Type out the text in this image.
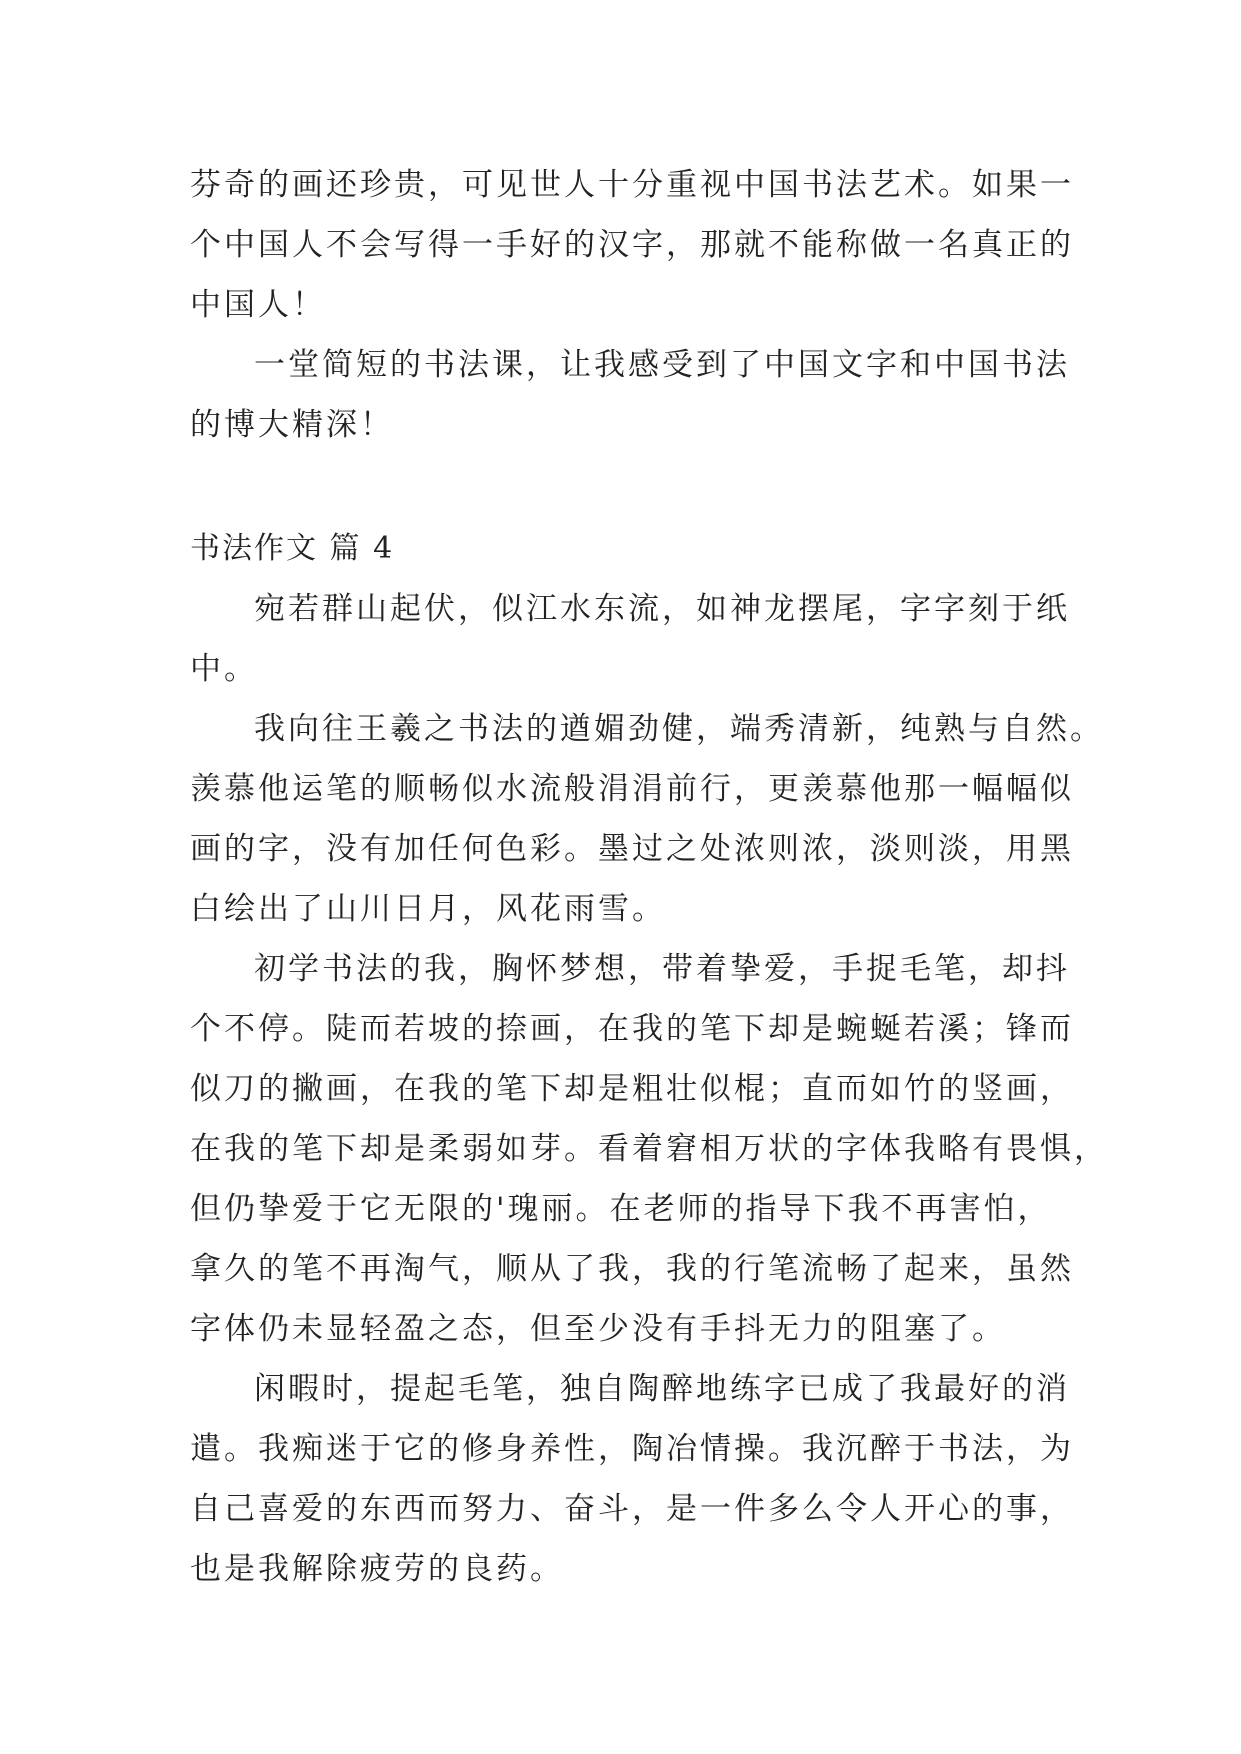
芬奇的画还珍贵，可见世人十分重视中国书法艺术。如果一
个中国人不会写得一手好的汉字，那就不能称做一名真正的
中国人！
一堂简短的书法课，让我感受到了中国文字和中国书法
的博大精深！
书法作文 篇 4
宛若群山起伏，似江水东流，如神龙摆尾，字字刻于纸
中。
我向往王羲之书法的遒媚劲健，端秀清新，纯熟与自然。
羡慕他运笔的顺畅似水流般涓涓前行，更羡慕他那一幅幅似
画的字，没有加任何色彩。墨过之处浓则浓，淡则淡，用黑
白绘出了山川日月，风花雨雪。
初学书法的我，胸怀梦想，带着挚爱，手捉毛笔，却抖
个不停。陡而若坡的捺画，在我的笔下却是蜿蜒若溪；锋而
似刀的撇画，在我的笔下却是粗壮似棍；直而如竹的竖画，
在我的笔下却是柔弱如芽。看着窘相万状的字体我略有畏惧，
但仍挚爱于它无限的'瑰丽。在老师的指导下我不再害怕，
拿久的笔不再淘气，顺从了我，我的行笔流畅了起来，虽然
字体仍未显轻盈之态，但至少没有手抖无力的阻塞了。
闲暇时，提起毛笔，独自陶醉地练字已成了我最好的消
遣。我痴迷于它的修身养性，陶冶情操。我沉醉于书法，为
自己喜爱的东西而努力、奋斗，是一件多么令人开心的事，
也是我解除疲劳的良药。
